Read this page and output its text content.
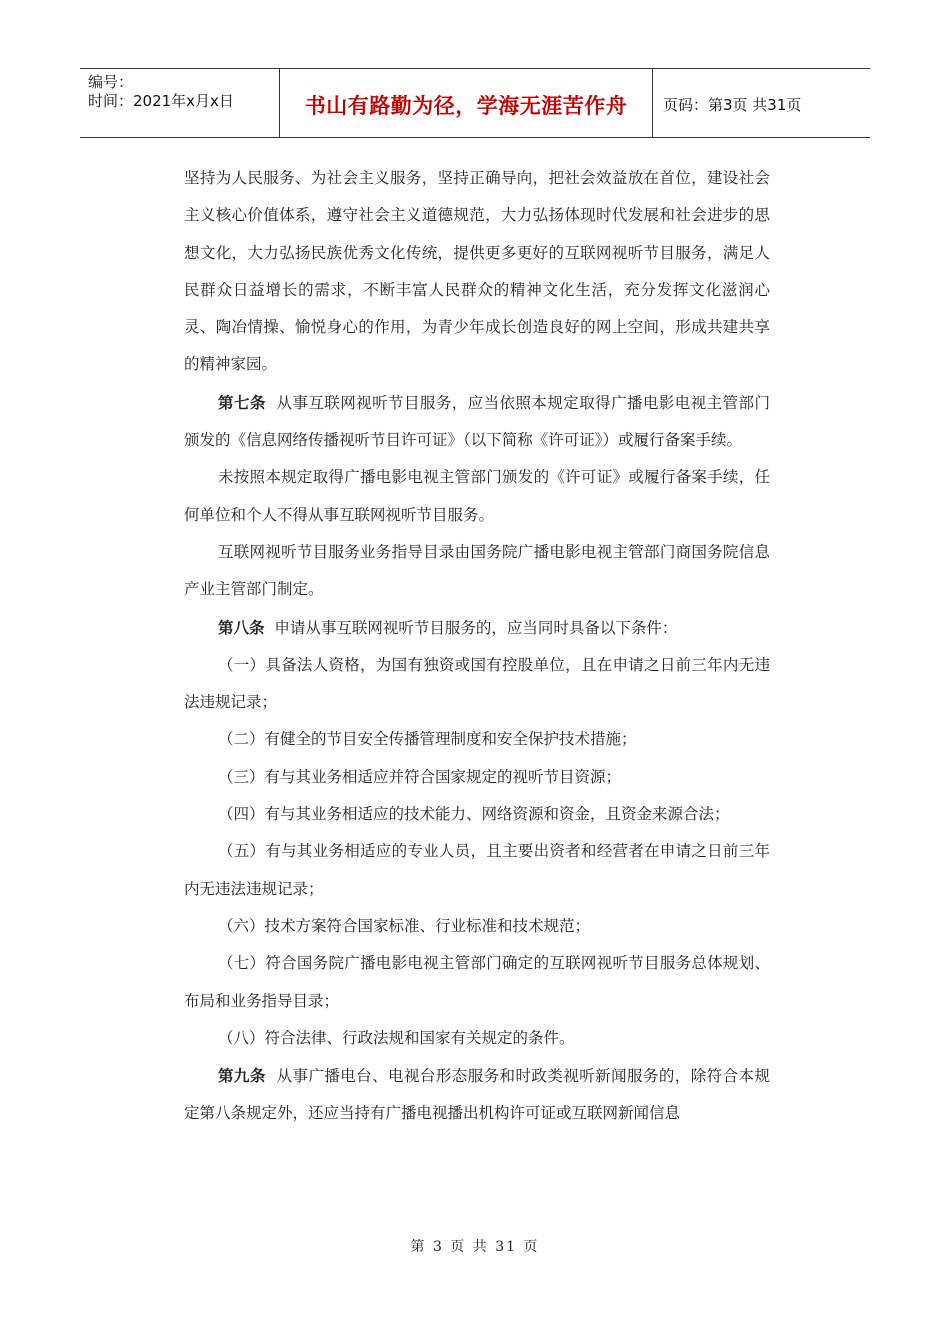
编号：
时间：2021年x月x日	书山有路勤为径，学海无涯苦作舟	页码：第3页 共31页

坚持为人民服务、为社会主义服务，坚持正确导向，把社会效益放在首位，建设社会主义核心价值体系，遵守社会主义道德规范，大力弘扬体现时代发展和社会进步的思想文化，大力弘扬民族优秀文化传统，提供更多更好的互联网视听节目服务，满足人民群众日益增长的需求，不断丰富人民群众的精神文化生活，充分发挥文化滋润心灵、陶冶情操、愉悦身心的作用，为青少年成长创造良好的网上空间，形成共建共享的精神家园。

第七条 从事互联网视听节目服务，应当依照本规定取得广播电影电视主管部门颁发的《信息网络传播视听节目许可证》（以下简称《许可证》）或履行备案手续。

未按照本规定取得广播电影电视主管部门颁发的《许可证》或履行备案手续，任何单位和个人不得从事互联网视听节目服务。

互联网视听节目服务业务指导目录由国务院广播电影电视主管部门商国务院信息产业主管部门制定。

第八条 申请从事互联网视听节目服务的，应当同时具备以下条件：

（一）具备法人资格，为国有独资或国有控股单位，且在申请之日前三年内无违法违规记录；

（二）有健全的节目安全传播管理制度和安全保护技术措施；

（三）有与其业务相适应并符合国家规定的视听节目资源；

（四）有与其业务相适应的技术能力、网络资源和资金，且资金来源合法；

（五）有与其业务相适应的专业人员，且主要出资者和经营者在申请之日前三年内无违法违规记录；

（六）技术方案符合国家标准、行业标准和技术规范；

（七）符合国务院广播电影电视主管部门确定的互联网视听节目服务总体规划、布局和业务指导目录；

（八）符合法律、行政法规和国家有关规定的条件。

第九条 从事广播电台、电视台形态服务和时政类视听新闻服务的，除符合本规定第八条规定外，还应当持有广播电视播出机构许可证或互联网新闻信息

第 3 页 共 31 页
